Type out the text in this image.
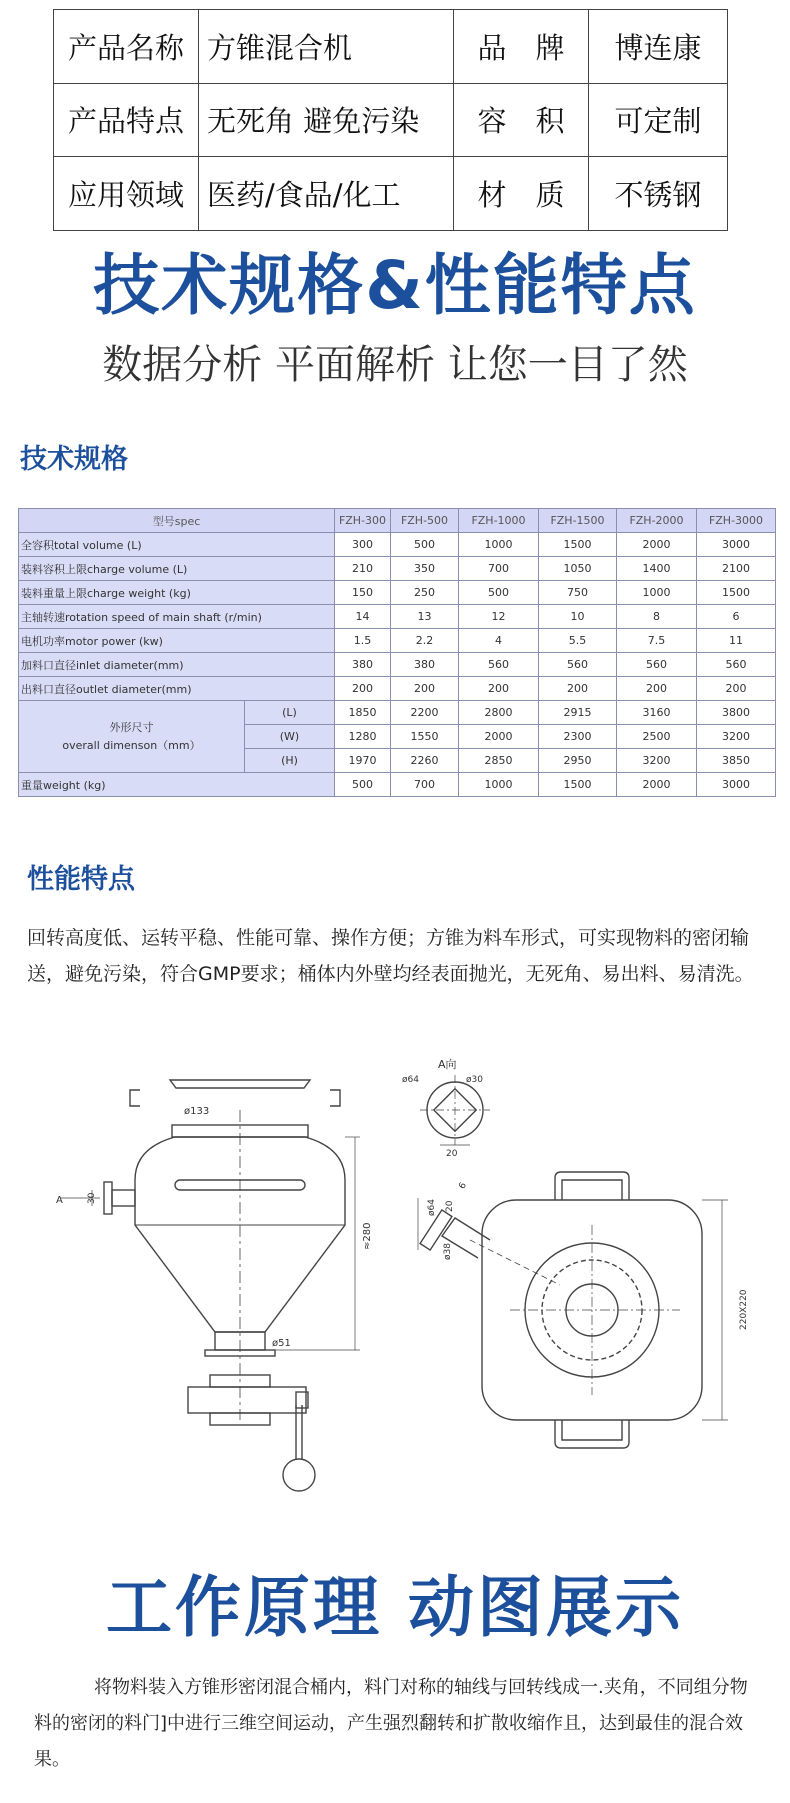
产品名称	方锥混合机	品　牌	博连康
产品特点	无死角 避免污染	容　积	可定制
应用领域	医药/食品/化工	材　质	不锈钢
技术规格&性能特点
数据分析 平面解析 让您一目了然
技术规格
型号spec		FZH-300	FZH-500	FZH-1000	FZH-1500	FZH-2000	FZH-3000
全容积total volume (L)		300	500	1000	1500	2000	3000
装料容积上限charge volume (L)		210	350	700	1050	1400	2100
装料重量上限charge weight (kg)		150	250	500	750	1000	1500
主轴转速rotation speed of main shaft (r/min)		14	13	12	10	8	6
电机功率motor power (kw)		1.5	2.2	4	5.5	7.5	11
加料口直径inlet diameter(mm)		380	380	560	560	560	560
出料口直径outlet diameter(mm)		200	200	200	200	200	200
外形尺寸
overall dimenson（mm）	(L)	1850	2200	2800	2915	3160	3800
	(W)	1280	1550	2000	2300	2500	3200
	(H)	1970	2260	2850	2950	3200	3850
重量weight (kg)		500	700	1000	1500	2000	3000
性能特点
回转高度低、运转平稳、性能可靠、操作方便；方锥为料车形式，可实现物料的密闭输送，避免污染，符合GMP要求；桶体内外壁均经表面抛光，无死角、易出料、易清洗。
ø133
A	30
≈280
ø51
A向
ø64	ø30
20
ø64 20
ø38
6
220X220
工作原理 动图展示
将物料装入方锥形密闭混合桶内，料门对称的轴线与回转线成一.夹角，不同组分物料的密闭的料门]中进行三维空间运动，产生强烈翻转和扩散收缩作且，达到最佳的混合效果。
